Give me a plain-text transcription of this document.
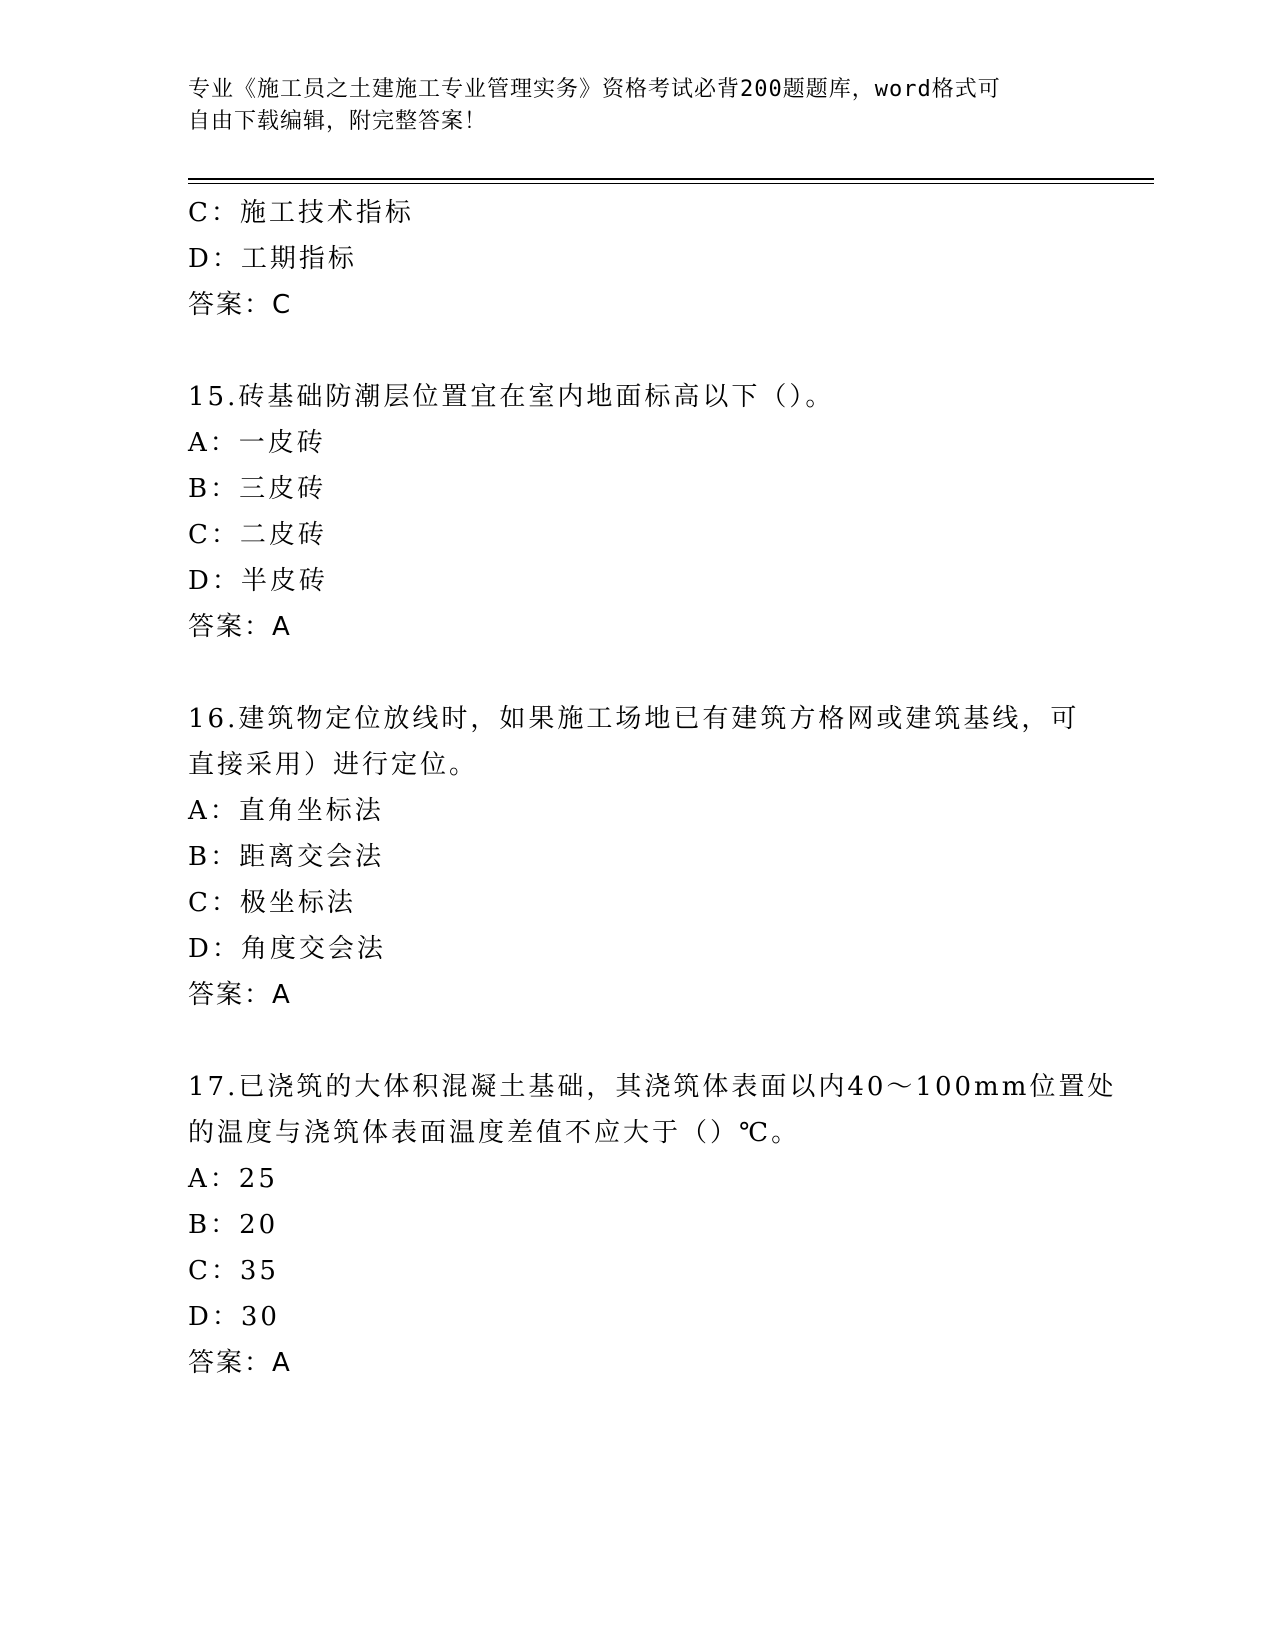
专业《施工员之土建施工专业管理实务》资格考试必背200题题库，word格式可
自由下载编辑，附完整答案！
C：施工技术指标
D：工期指标
答案：C
15.砖基础防潮层位置宜在室内地面标高以下（）。
A：一皮砖
B：三皮砖
C：二皮砖
D：半皮砖
答案：A
16.建筑物定位放线时，如果施工场地已有建筑方格网或建筑基线，可
直接采用）进行定位。
A：直角坐标法
B：距离交会法
C：极坐标法
D：角度交会法
答案：A
17.已浇筑的大体积混凝土基础，其浇筑体表面以内40～100mm位置处
的温度与浇筑体表面温度差值不应大于（）℃。
A：25
B：20
C：35
D：30
答案：A
